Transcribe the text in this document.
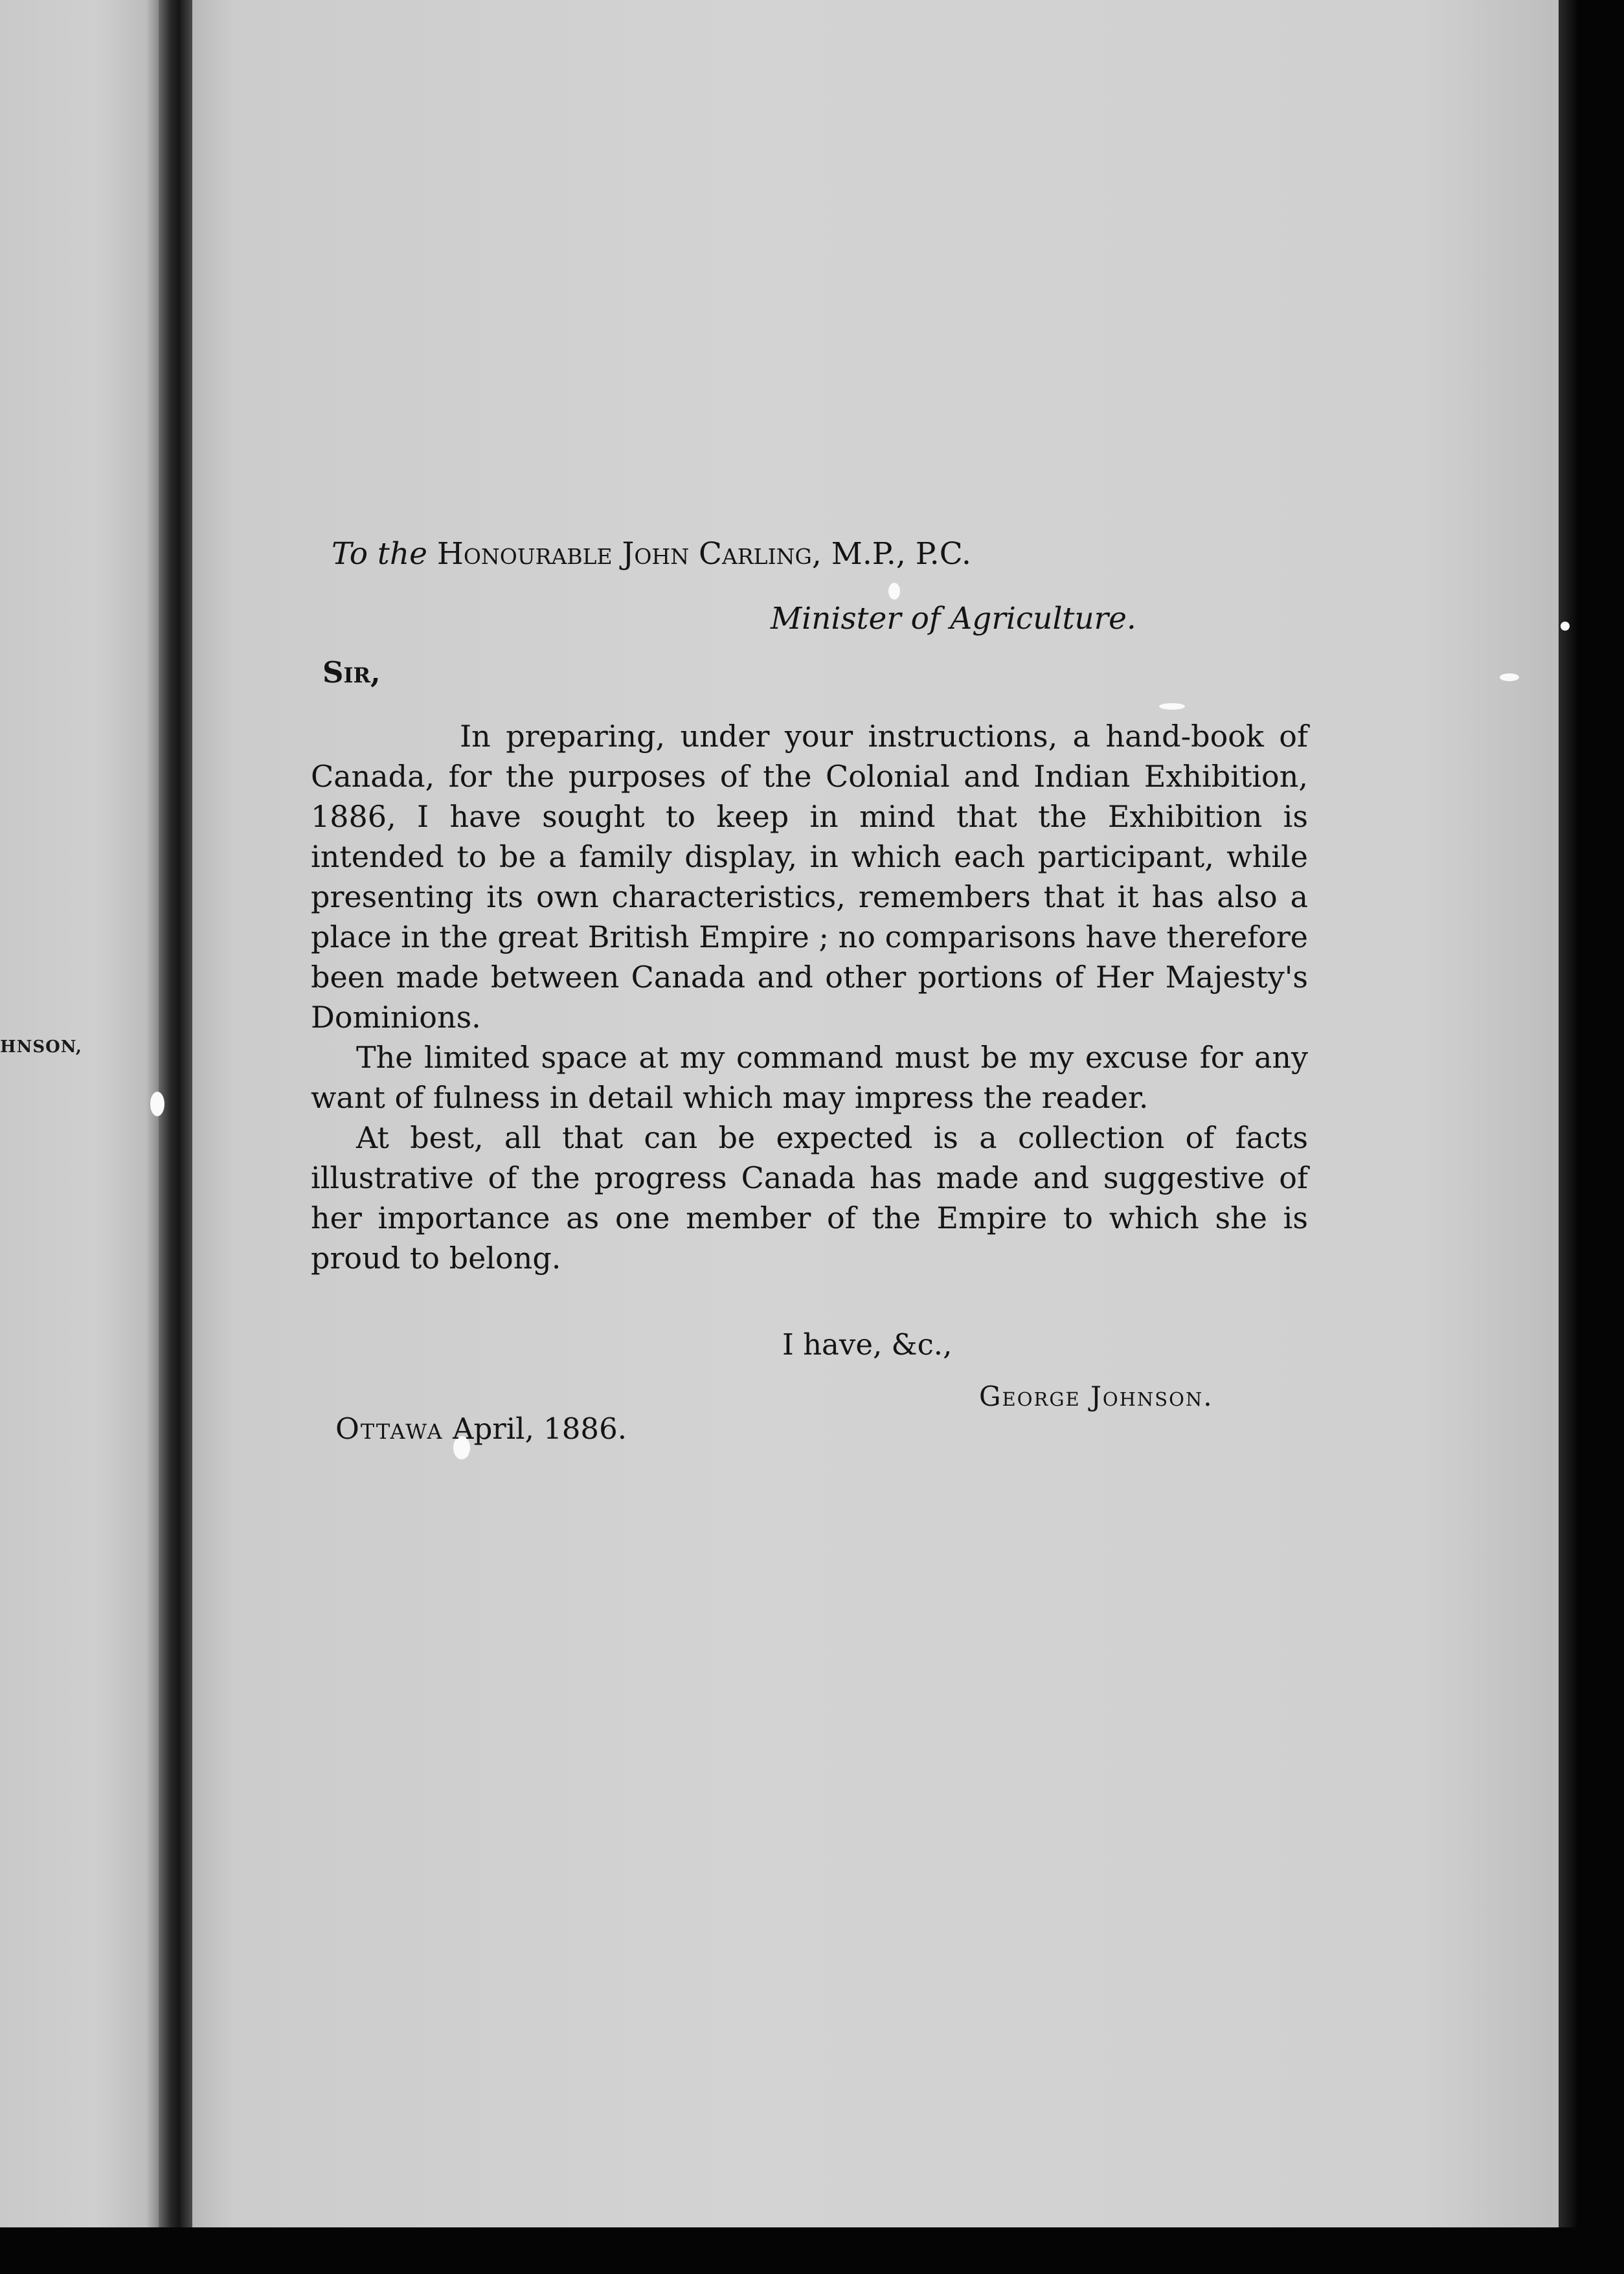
HNSON,
To the Honourable John Carling, M.P., P.C.
Minister of Agriculture.
Sir,

In preparing, under your instructions, a hand-book of Canada, for the purposes of the Colonial and Indian Exhibition, 1886, I have sought to keep in mind that the Exhibition is intended to be a family display, in which each participant, while presenting its own characteristics, remembers that it has also a place in the great British Empire ; no comparisons have therefore been made between Canada and other portions of Her Majesty's Dominions.

The limited space at my command must be my excuse for any want of fulness in detail which may impress the reader.

At best, all that can be expected is a collection of facts illustrative of the progress Canada has made and suggestive of her importance as one member of the Empire to which she is proud to belong.

I have, &c.,
George Johnson.
Ottawa April, 1886.
